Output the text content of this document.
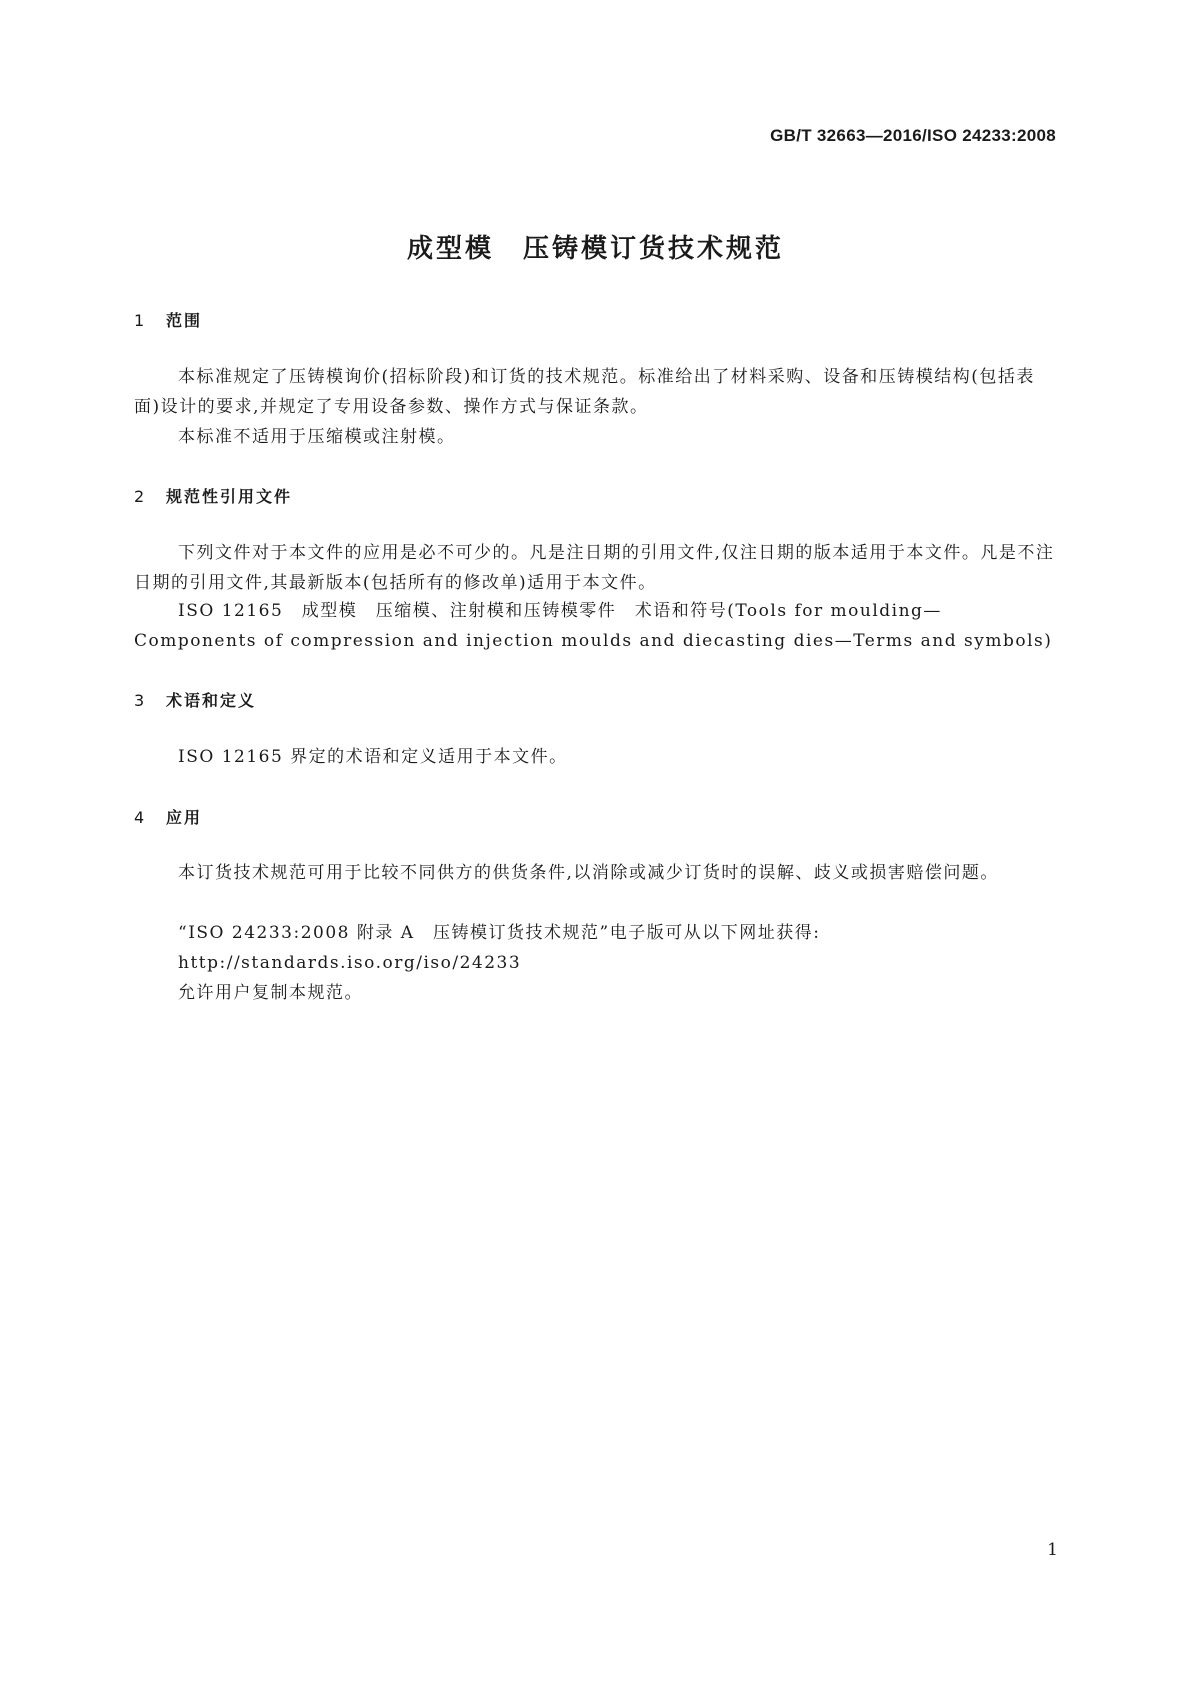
GB/T 32663—2016/ISO 24233:2008
成型模　压铸模订货技术规范
1 范围

本标准规定了压铸模询价(招标阶段)和订货的技术规范。标准给出了材料采购、设备和压铸模结构(包括表面)设计的要求,并规定了专用设备参数、操作方式与保证条款。

本标准不适用于压缩模或注射模。

2 规范性引用文件

下列文件对于本文件的应用是必不可少的。凡是注日期的引用文件,仅注日期的版本适用于本文件。凡是不注日期的引用文件,其最新版本(包括所有的修改单)适用于本文件。

ISO 12165　成型模　压缩模、注射模和压铸模零件　术语和符号(Tools for moulding—Components of compression and injection moulds and diecasting dies—Terms and symbols)

3 术语和定义

ISO 12165 界定的术语和定义适用于本文件。

4 应用

本订货技术规范可用于比较不同供方的供货条件,以消除或减少订货时的误解、歧义或损害赔偿问题。

“ISO 24233:2008 附录 A　压铸模订货技术规范”电子版可从以下网址获得:

http://standards.iso.org/iso/24233

允许用户复制本规范。

1
